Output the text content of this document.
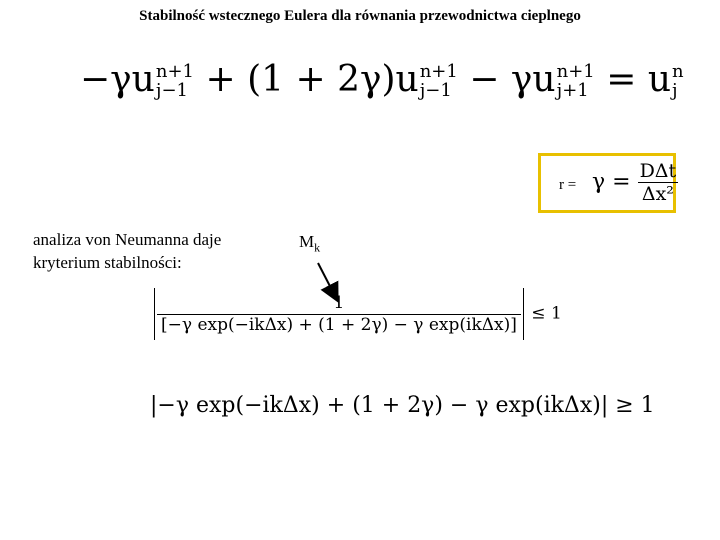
Stabilność wstecznego Eulera dla równania przewodnictwa cieplnego
−γu n+1
j−1 + (1 + 2γ)u n+1
j−1 − γu n+1
j+1 = u n
j
$r = \gamma = \frac{\text{DΔt}}{\text{Δx²}}$
analiza von Neumanna daje
kryterium stabilności:
$M_k$
$\frac{1}{\text{[−γ exp(−ikΔx) + (1 + 2γ) − γ exp(ikΔx)]}} \le 1$
|−γ exp(−ikΔx) + (1 + 2γ) − γ exp(ikΔx)| ≥ 1
